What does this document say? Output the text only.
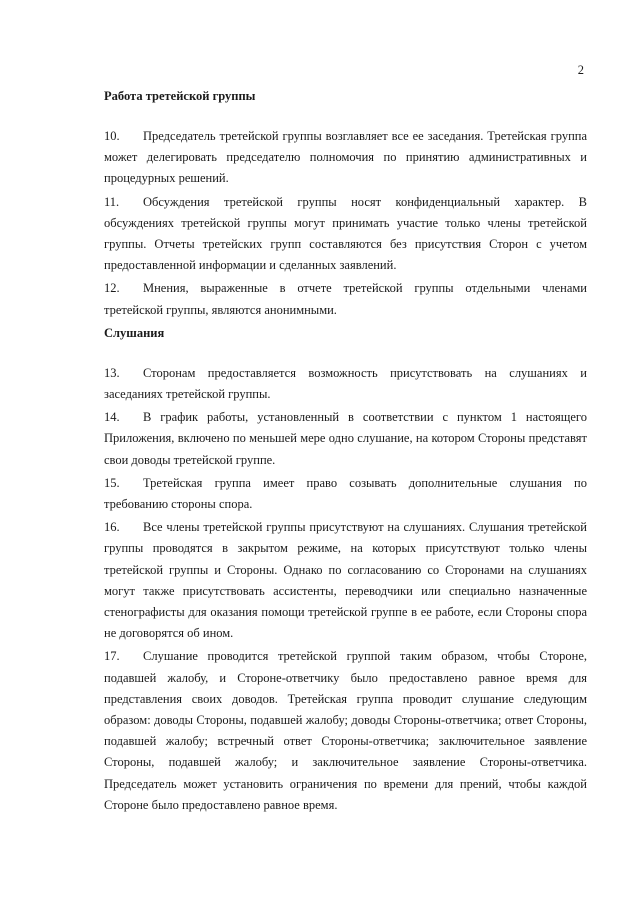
2

Работа третейской группы

10. Председатель третейской группы возглавляет все ее заседания. Третейская группа может делегировать председателю полномочия по принятию административных и процедурных решений.

11. Обсуждения третейской группы носят конфиденциальный характер. В обсуждениях третейской группы могут принимать участие только члены третейской группы. Отчеты третейских групп составляются без присутствия Сторон с учетом предоставленной информации и сделанных заявлений.

12. Мнения, выраженные в отчете третейской группы отдельными членами третейской группы, являются анонимными.

Слушания

13. Сторонам предоставляется возможность присутствовать на слушаниях и заседаниях третейской группы.

14. В график работы, установленный в соответствии с пунктом 1 настоящего Приложения, включено по меньшей мере одно слушание, на котором Стороны представят свои доводы третейской группе.

15. Третейская группа имеет право созывать дополнительные слушания по требованию стороны спора.

16. Все члены третейской группы присутствуют на слушаниях. Слушания третейской группы проводятся в закрытом режиме, на которых присутствуют только члены третейской группы и Стороны. Однако по согласованию со Сторонами на слушаниях могут также присутствовать ассистенты, переводчики или специально назначенные стенографисты для оказания помощи третейской группе в ее работе, если Стороны спора не договорятся об ином.

17. Слушание проводится третейской группой таким образом, чтобы Стороне, подавшей жалобу, и Стороне-ответчику было предоставлено равное время для представления своих доводов. Третейская группа проводит слушание следующим образом: доводы Стороны, подавшей жалобу; доводы Стороны-ответчика; ответ Стороны, подавшей жалобу; встречный ответ Стороны-ответчика; заключительное заявление Стороны, подавшей жалобу; и заключительное заявление Стороны-ответчика. Председатель может установить ограничения по времени для прений, чтобы каждой Стороне было предоставлено равное время.
